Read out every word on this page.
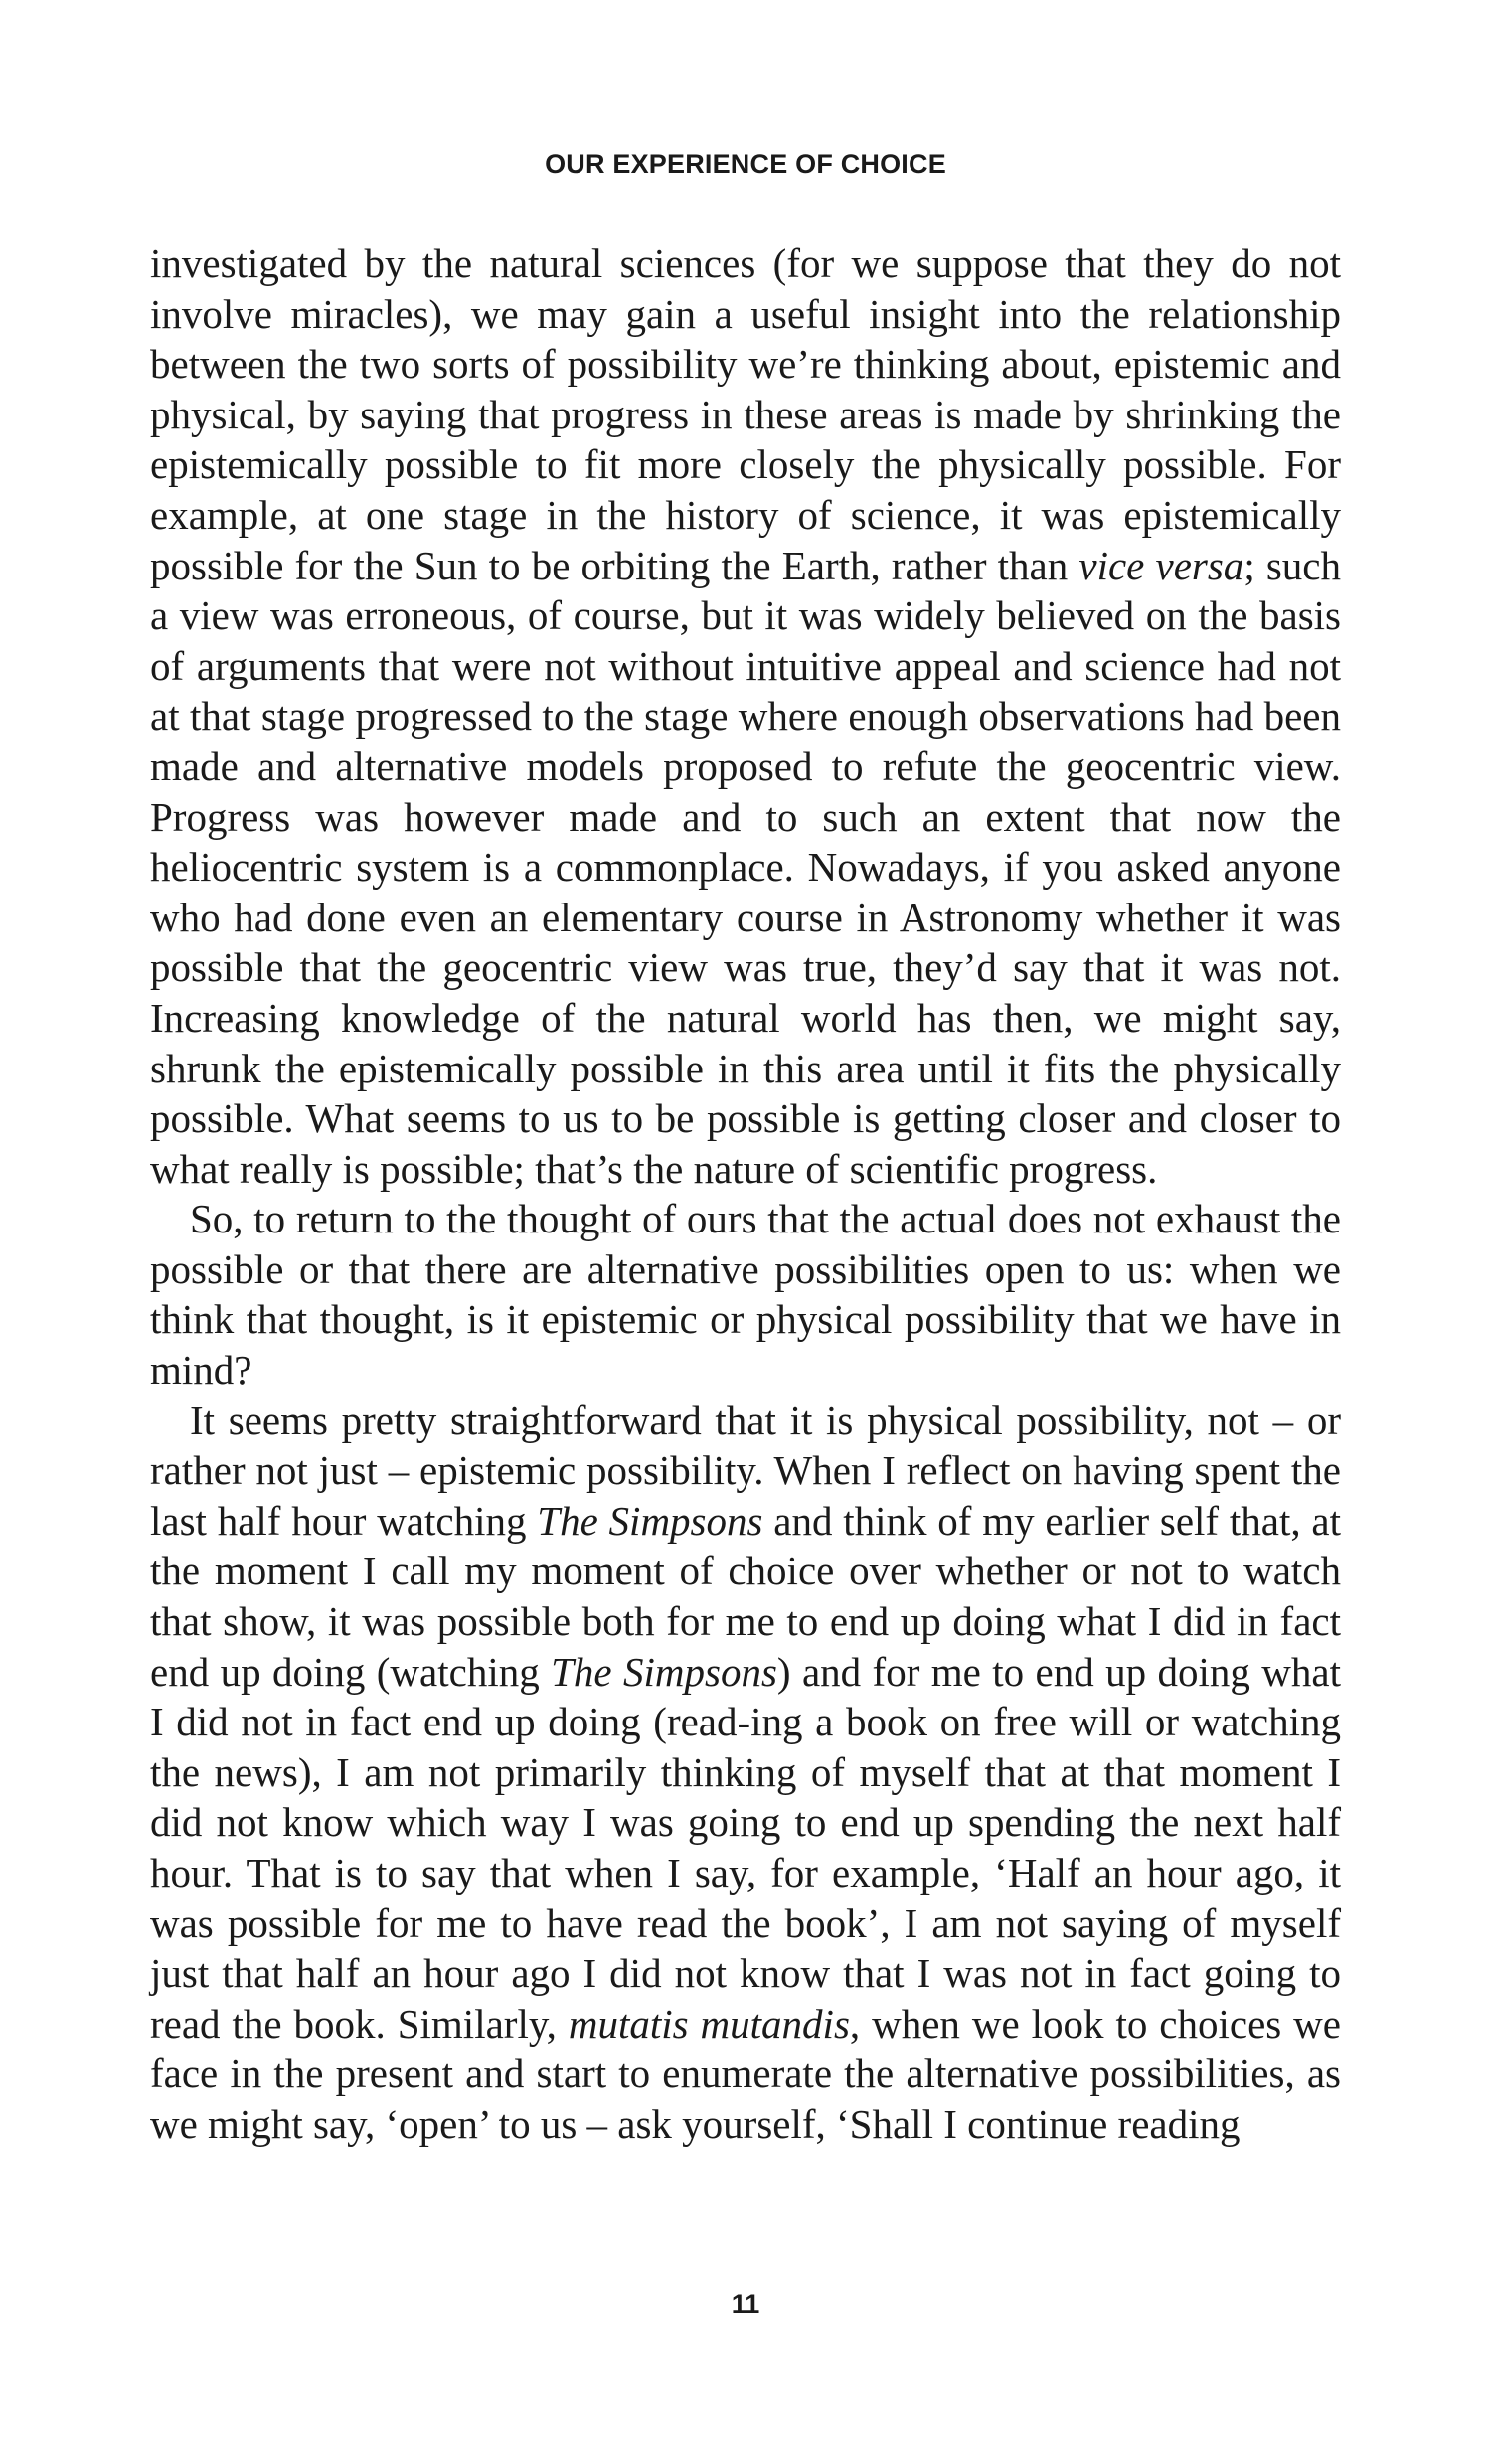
OUR EXPERIENCE OF CHOICE

investigated by the natural sciences (for we suppose that they do not involve miracles), we may gain a useful insight into the relationship between the two sorts of possibility we’re thinking about, epistemic and physical, by saying that progress in these areas is made by shrinking the epistemically possible to fit more closely the physically possible. For example, at one stage in the history of science, it was epistemically possible for the Sun to be orbiting the Earth, rather than vice versa; such a view was erroneous, of course, but it was widely believed on the basis of arguments that were not without intuitive appeal and science had not at that stage progressed to the stage where enough observations had been made and alternative models proposed to refute the geocentric view. Progress was however made and to such an extent that now the heliocentric system is a commonplace. Nowadays, if you asked anyone who had done even an elementary course in Astronomy whether it was possible that the geocentric view was true, they’d say that it was not. Increasing knowledge of the natural world has then, we might say, shrunk the epistemically possible in this area until it fits the physically possible. What seems to us to be possible is getting closer and closer to what really is possible; that’s the nature of scientific progress.

So, to return to the thought of ours that the actual does not exhaust the possible or that there are alternative possibilities open to us: when we think that thought, is it epistemic or physical possibility that we have in mind?

It seems pretty straightforward that it is physical possibility, not – or rather not just – epistemic possibility. When I reflect on having spent the last half hour watching The Simpsons and think of my earlier self that, at the moment I call my moment of choice over whether or not to watch that show, it was possible both for me to end up doing what I did in fact end up doing (watching The Simpsons) and for me to end up doing what I did not in fact end up doing (read-ing a book on free will or watching the news), I am not primarily thinking of myself that at that moment I did not know which way I was going to end up spending the next half hour. That is to say that when I say, for example, ‘Half an hour ago, it was possible for me to have read the book’, I am not saying of myself just that half an hour ago I did not know that I was not in fact going to read the book. Similarly, mutatis mutandis, when we look to choices we face in the present and start to enumerate the alternative possibilities, as we might say, ‘open’ to us – ask yourself, ‘Shall I continue reading

11
